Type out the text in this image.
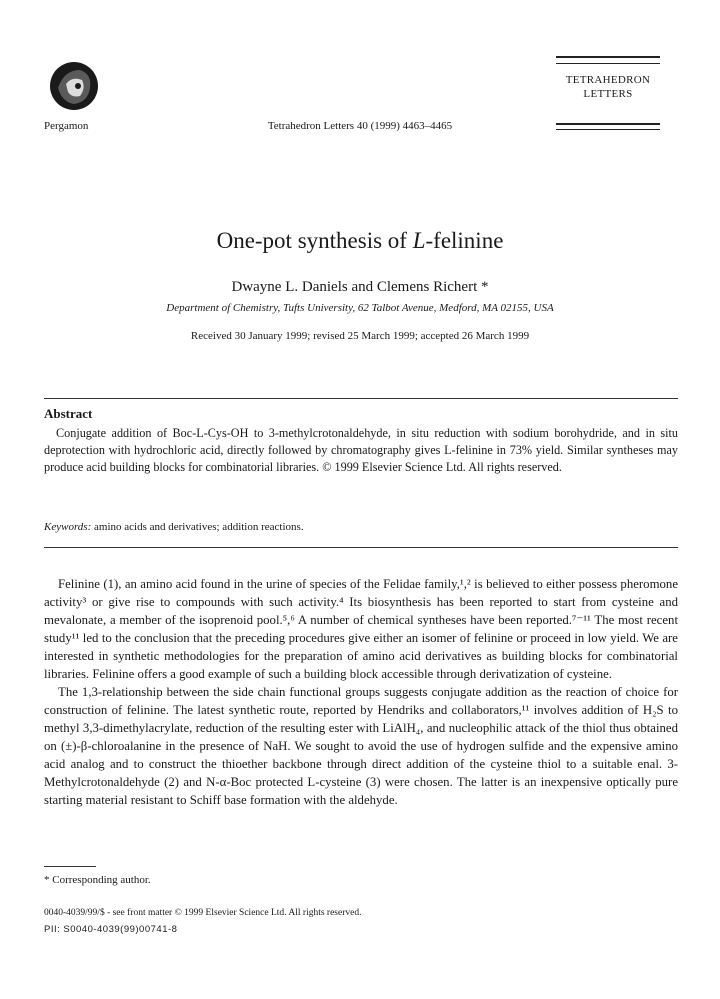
Pergamon	Tetrahedron Letters 40 (1999) 4463–4465
TETRAHEDRON
LETTERS
One-pot synthesis of L-felinine
Dwayne L. Daniels and Clemens Richert *
Department of Chemistry, Tufts University, 62 Talbot Avenue, Medford, MA 02155, USA
Received 30 January 1999; revised 25 March 1999; accepted 26 March 1999
Abstract
Conjugate addition of Boc-L-Cys-OH to 3-methylcrotonaldehyde, in situ reduction with sodium borohydride, and in situ deprotection with hydrochloric acid, directly followed by chromatography gives L-felinine in 73% yield. Similar syntheses may produce acid building blocks for combinatorial libraries. © 1999 Elsevier Science Ltd. All rights reserved.
Keywords: amino acids and derivatives; addition reactions.

Felinine (1), an amino acid found in the urine of species of the Felidae family,¹,² is believed to either possess pheromone activity³ or give rise to compounds with such activity.⁴ Its biosynthesis has been reported to start from cysteine and mevalonate, a member of the isoprenoid pool.⁵,⁶ A number of chemical syntheses have been reported.⁷⁻¹¹ The most recent study¹¹ led to the conclusion that the preceding procedures give either an isomer of felinine or proceed in low yield. We are interested in synthetic methodologies for the preparation of amino acid derivatives as building blocks for combinatorial libraries. Felinine offers a good example of such a building block accessible through derivatization of cysteine.

The 1,3-relationship between the side chain functional groups suggests conjugate addition as the reaction of choice for construction of felinine. The latest synthetic route, reported by Hendriks and collaborators,¹¹ involves addition of H₂S to methyl 3,3-dimethylacrylate, reduction of the resulting ester with LiAlH₄, and nucleophilic attack of the thiol thus obtained on (±)-β-chloroalanine in the presence of NaH. We sought to avoid the use of hydrogen sulfide and the expensive amino acid analog and to construct the thioether backbone through direct addition of the cysteine thiol to a suitable enal. 3-Methylcrotonaldehyde (2) and N-α-Boc protected L-cysteine (3) were chosen. The latter is an inexpensive optically pure starting material resistant to Schiff base formation with the aldehyde.

* Corresponding author.
0040-4039/99/$ - see front matter © 1999 Elsevier Science Ltd. All rights reserved.
PII: S0040-4039(99)00741-8
